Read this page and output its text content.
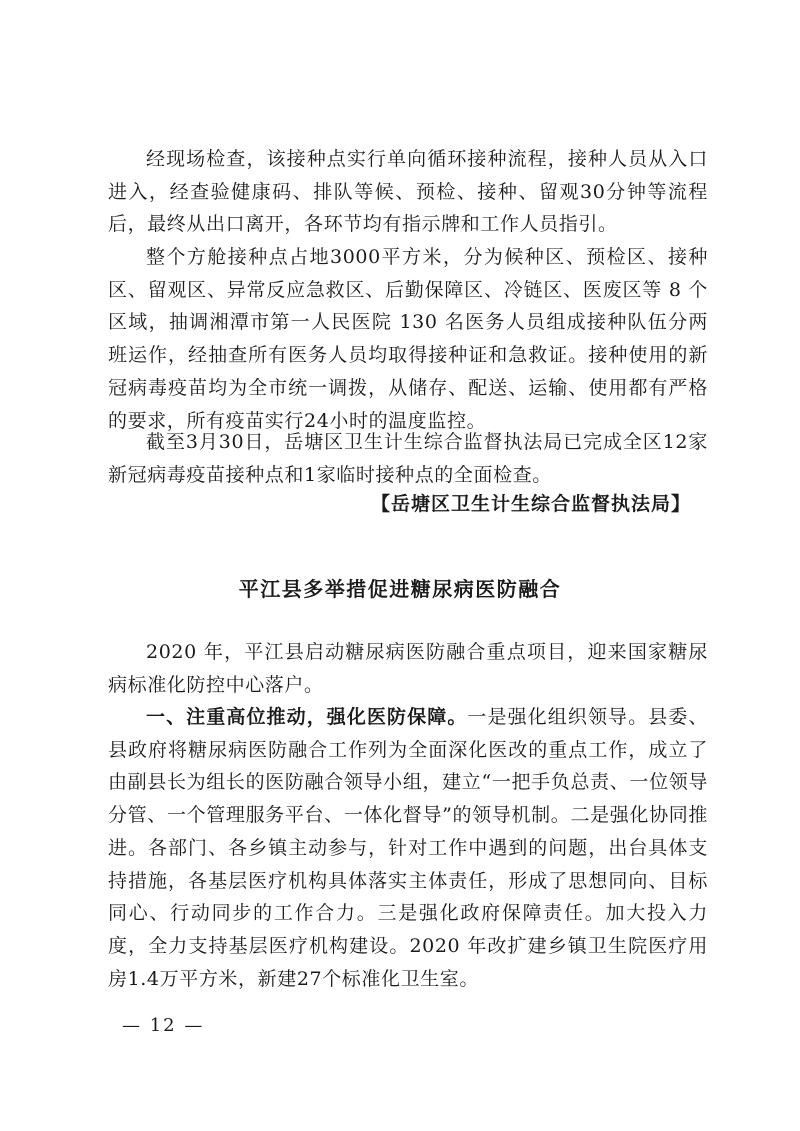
经现场检查，该接种点实行单向循环接种流程，接种人员从入口进入，经查验健康码、排队等候、预检、接种、留观30分钟等流程后，最终从出口离开，各环节均有指示牌和工作人员指引。

整个方舱接种点占地3000平方米，分为候种区、预检区、接种区、留观区、异常反应急救区、后勤保障区、冷链区、医废区等 8 个区域，抽调湘潭市第一人民医院 130 名医务人员组成接种队伍分两班运作，经抽查所有医务人员均取得接种证和急救证。接种使用的新冠病毒疫苗均为全市统一调拨，从储存、配送、运输、使用都有严格的要求，所有疫苗实行24小时的温度监控。

截至3月30日，岳塘区卫生计生综合监督执法局已完成全区12家新冠病毒疫苗接种点和1家临时接种点的全面检查。

【岳塘区卫生计生综合监督执法局】
平江县多举措促进糖尿病医防融合

2020 年，平江县启动糖尿病医防融合重点项目，迎来国家糖尿病标准化防控中心落户。

一、注重高位推动，强化医防保障。一是强化组织领导。县委、县政府将糖尿病医防融合工作列为全面深化医改的重点工作，成立了由副县长为组长的医防融合领导小组，建立“一把手负总责、一位领导分管、一个管理服务平台、一体化督导”的领导机制。二是强化协同推进。各部门、各乡镇主动参与，针对工作中遇到的问题，出台具体支持措施，各基层医疗机构具体落实主体责任，形成了思想同向、目标同心、行动同步的工作合力。三是强化政府保障责任。加大投入力度，全力支持基层医疗机构建设。2020 年改扩建乡镇卫生院医疗用房1.4万平方米，新建27个标准化卫生室。

— 12 —
